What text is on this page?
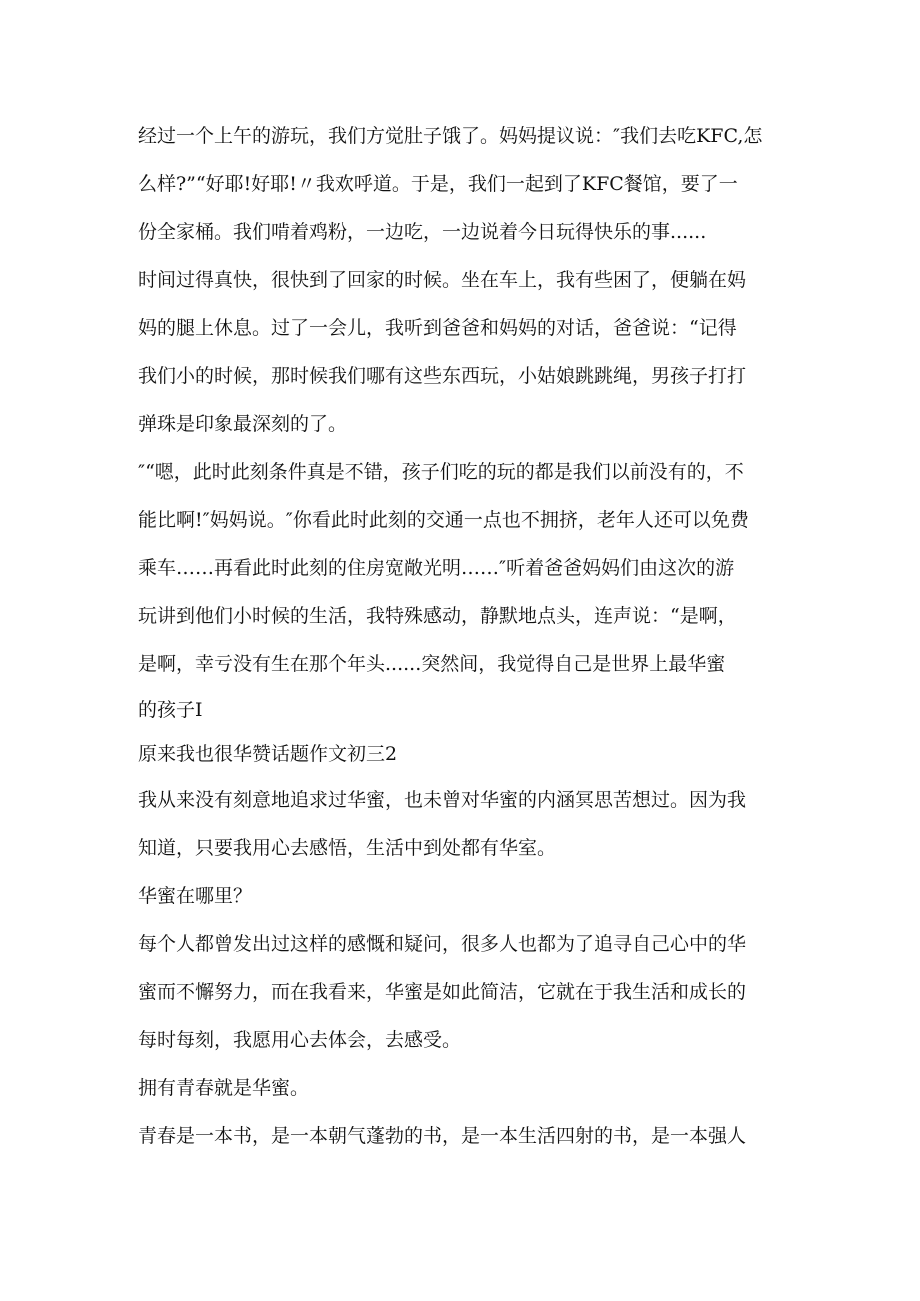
经过一个上午的游玩，我们方觉肚子饿了。妈妈提议说：″我们去吃KFC,怎
么样?”“好耶!好耶!〃我欢呼道。于是，我们一起到了KFC餐馆，要了一
份全家桶。我们啃着鸡粉，一边吃，一边说着今日玩得快乐的事......
时间过得真快，很快到了回家的时候。坐在车上，我有些困了，便躺在妈
妈的腿上休息。过了一会儿，我听到爸爸和妈妈的对话，爸爸说：“记得
我们小的时候，那时候我们哪有这些东西玩，小姑娘跳跳绳，男孩子打打
弹珠是印象最深刻的了。
″“嗯，此时此刻条件真是不错，孩子们吃的玩的都是我们以前没有的，不
能比啊!″妈妈说。″你看此时此刻的交通一点也不拥挤，老年人还可以免费
乘车……再看此时此刻的住房宽敞光明……″听着爸爸妈妈们由这次的游
玩讲到他们小时候的生活，我特殊感动，静默地点头，连声说：“是啊，
是啊，幸亏没有生在那个年头......突然间，我觉得自己是世界上最华蜜
的孩子I
原来我也很华赞话题作文初三2
我从来没有刻意地追求过华蜜，也未曾对华蜜的内涵冥思苦想过。因为我
知道，只要我用心去感悟，生活中到处都有华室。
华蜜在哪里？
每个人都曾发出过这样的感慨和疑问，很多人也都为了追寻自己心中的华
蜜而不懈努力，而在我看来，华蜜是如此简洁，它就在于我生活和成长的
每时每刻，我愿用心去体会，去感受。
拥有青春就是华蜜。
青春是一本书，是一本朝气蓬勃的书，是一本生活四射的书，是一本强人
